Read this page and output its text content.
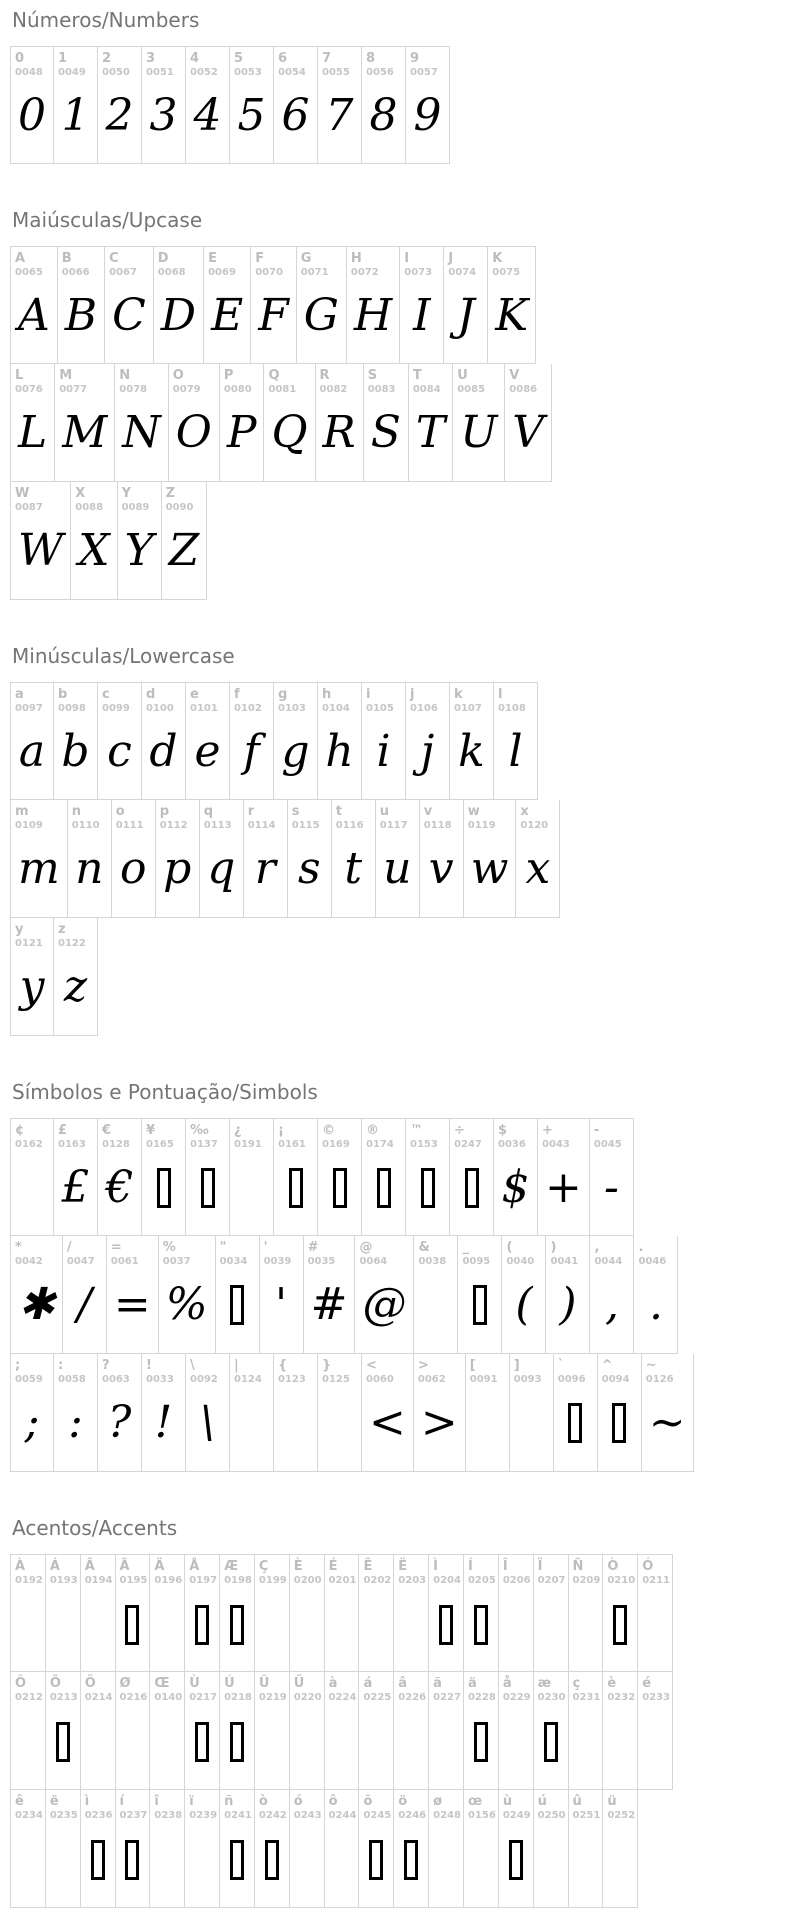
Números/Numbers
0
0048
0
1
0049
1
2
0050
2
3
0051
3
4
0052
4
5
0053
5
6
0054
6
7
0055
7
8
0056
8
9
0057
9
Maiúsculas/Upcase
A
0065
A
B
0066
B
C
0067
C
D
0068
D
E
0069
E
F
0070
F
G
0071
G
H
0072
H
I
0073
I
J
0074
J
K
0075
K
L
0076
L
M
0077
M
N
0078
N
O
0079
O
P
0080
P
Q
0081
Q
R
0082
R
S
0083
S
T
0084
T
U
0085
U
V
0086
V
W
0087
W
X
0088
X
Y
0089
Y
Z
0090
Z
Minúsculas/Lowercase
a
0097
a
b
0098
b
c
0099
c
d
0100
d
e
0101
e
f
0102
f
g
0103
g
h
0104
h
i
0105
i
j
0106
j
k
0107
k
l
0108
l
m
0109
m
n
0110
n
o
0111
o
p
0112
p
q
0113
q
r
0114
r
s
0115
s
t
0116
t
u
0117
u
v
0118
v
w
0119
w
x
0120
x
y
0121
y
z
0122
z
Símbolos e Pontuação/Simbols
¢
0162
£
0163
£
€
0128
€
¥
0165
‰
0137
¿
0191
¡
0161
©
0169
®
0174
™
0153
÷
0247
$
0036
$
+
0043
+
-
0045
-
*
0042
✱
/
0047
/
=
0061
=
%
0037
%
"
0034
'
0039
'
#
0035
#
@
0064
@
&
0038
_
0095
(
0040
(
)
0041
)
,
0044
,
.
0046
.
;
0059
;
:
0058
:
?
0063
?
!
0033
!
\
0092
\
|
0124
{
0123
}
0125
<
0060
<
>
0062
>
[
0091
]
0093
`
0096
^
0094
~
0126
~
Acentos/Accents
À
0192
Á
0193
Â
0194
Ã
0195
Ä
0196
Å
0197
Æ
0198
Ç
0199
È
0200
É
0201
Ê
0202
Ë
0203
Ì
0204
Í
0205
Î
0206
Ï
0207
Ñ
0209
Ò
0210
Ó
0211
Ô
0212
Õ
0213
Ö
0214
Ø
0216
Œ
0140
Ù
0217
Ú
0218
Û
0219
Ü
0220
à
0224
á
0225
â
0226
ã
0227
ä
0228
å
0229
æ
0230
ç
0231
è
0232
é
0233
ê
0234
ë
0235
ì
0236
í
0237
î
0238
ï
0239
ñ
0241
ò
0242
ó
0243
ô
0244
õ
0245
ö
0246
ø
0248
œ
0156
ù
0249
ú
0250
û
0251
ü
0252
